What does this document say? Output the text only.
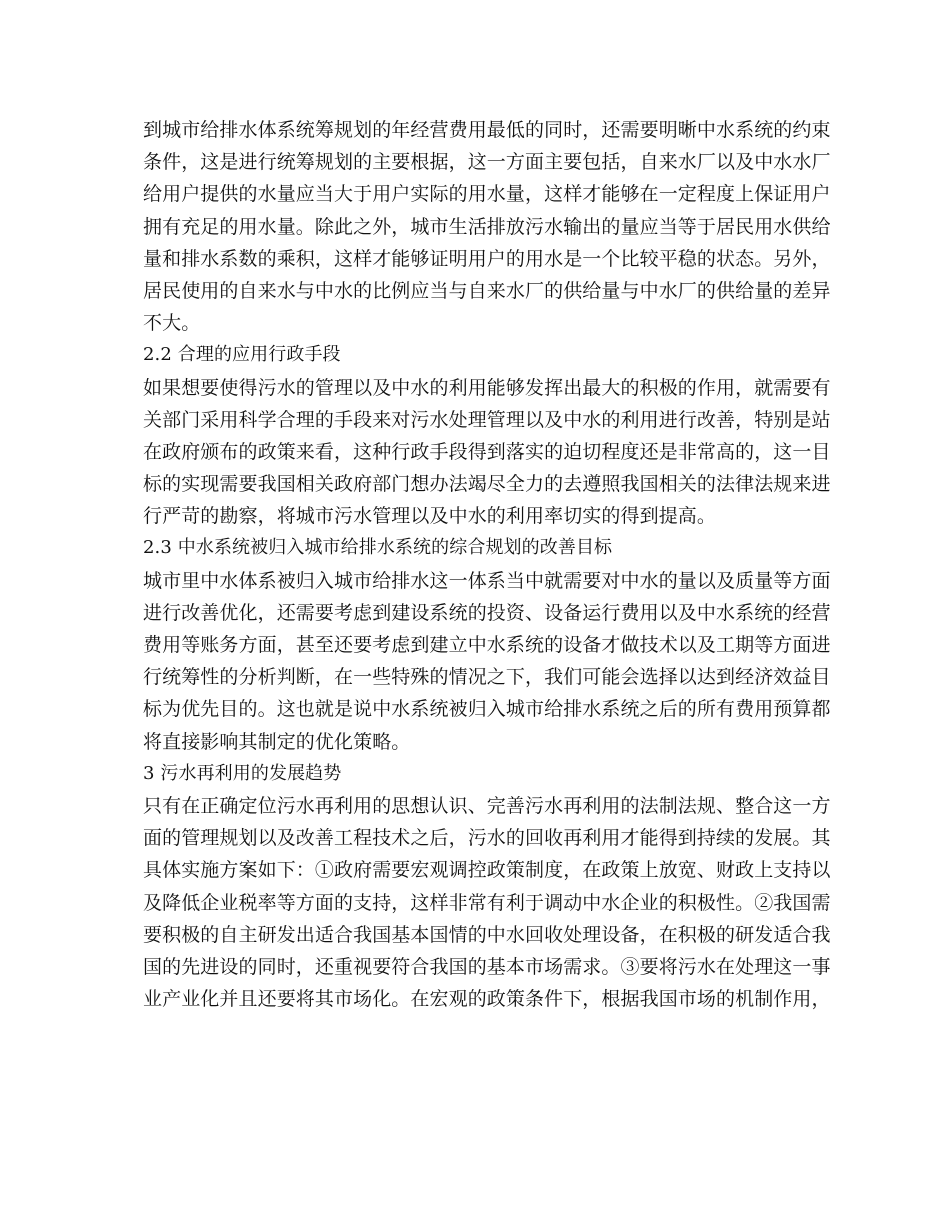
到城市给排水体系统筹规划的年经营费用最低的同时，还需要明晰中水系统的约束
条件，这是进行统筹规划的主要根据，这一方面主要包括，自来水厂以及中水水厂
给用户提供的水量应当大于用户实际的用水量，这样才能够在一定程度上保证用户
拥有充足的用水量。除此之外，城市生活排放污水输出的量应当等于居民用水供给
量和排水系数的乘积，这样才能够证明用户的用水是一个比较平稳的状态。另外，
居民使用的自来水与中水的比例应当与自来水厂的供给量与中水厂的供给量的差异
不大。
2.2 合理的应用行政手段
如果想要使得污水的管理以及中水的利用能够发挥出最大的积极的作用，就需要有
关部门采用科学合理的手段来对污水处理管理以及中水的利用进行改善，特别是站
在政府颁布的政策来看，这种行政手段得到落实的迫切程度还是非常高的，这一目
标的实现需要我国相关政府部门想办法竭尽全力的去遵照我国相关的法律法规来进
行严苛的勘察，将城市污水管理以及中水的利用率切实的得到提高。
2.3 中水系统被归入城市给排水系统的综合规划的改善目标
城市里中水体系被归入城市给排水这一体系当中就需要对中水的量以及质量等方面
进行改善优化，还需要考虑到建设系统的投资、设备运行费用以及中水系统的经营
费用等账务方面，甚至还要考虑到建立中水系统的设备才做技术以及工期等方面进
行统筹性的分析判断，在一些特殊的情况之下，我们可能会选择以达到经济效益目
标为优先目的。这也就是说中水系统被归入城市给排水系统之后的所有费用预算都
将直接影响其制定的优化策略。
3 污水再利用的发展趋势
只有在正确定位污水再利用的思想认识、完善污水再利用的法制法规、整合这一方
面的管理规划以及改善工程技术之后，污水的回收再利用才能得到持续的发展。其
具体实施方案如下：①政府需要宏观调控政策制度，在政策上放宽、财政上支持以
及降低企业税率等方面的支持，这样非常有利于调动中水企业的积极性。②我国需
要积极的自主研发出适合我国基本国情的中水回收处理设备，在积极的研发适合我
国的先进设的同时，还重视要符合我国的基本市场需求。③要将污水在处理这一事
业产业化并且还要将其市场化。在宏观的政策条件下，根据我国市场的机制作用，
